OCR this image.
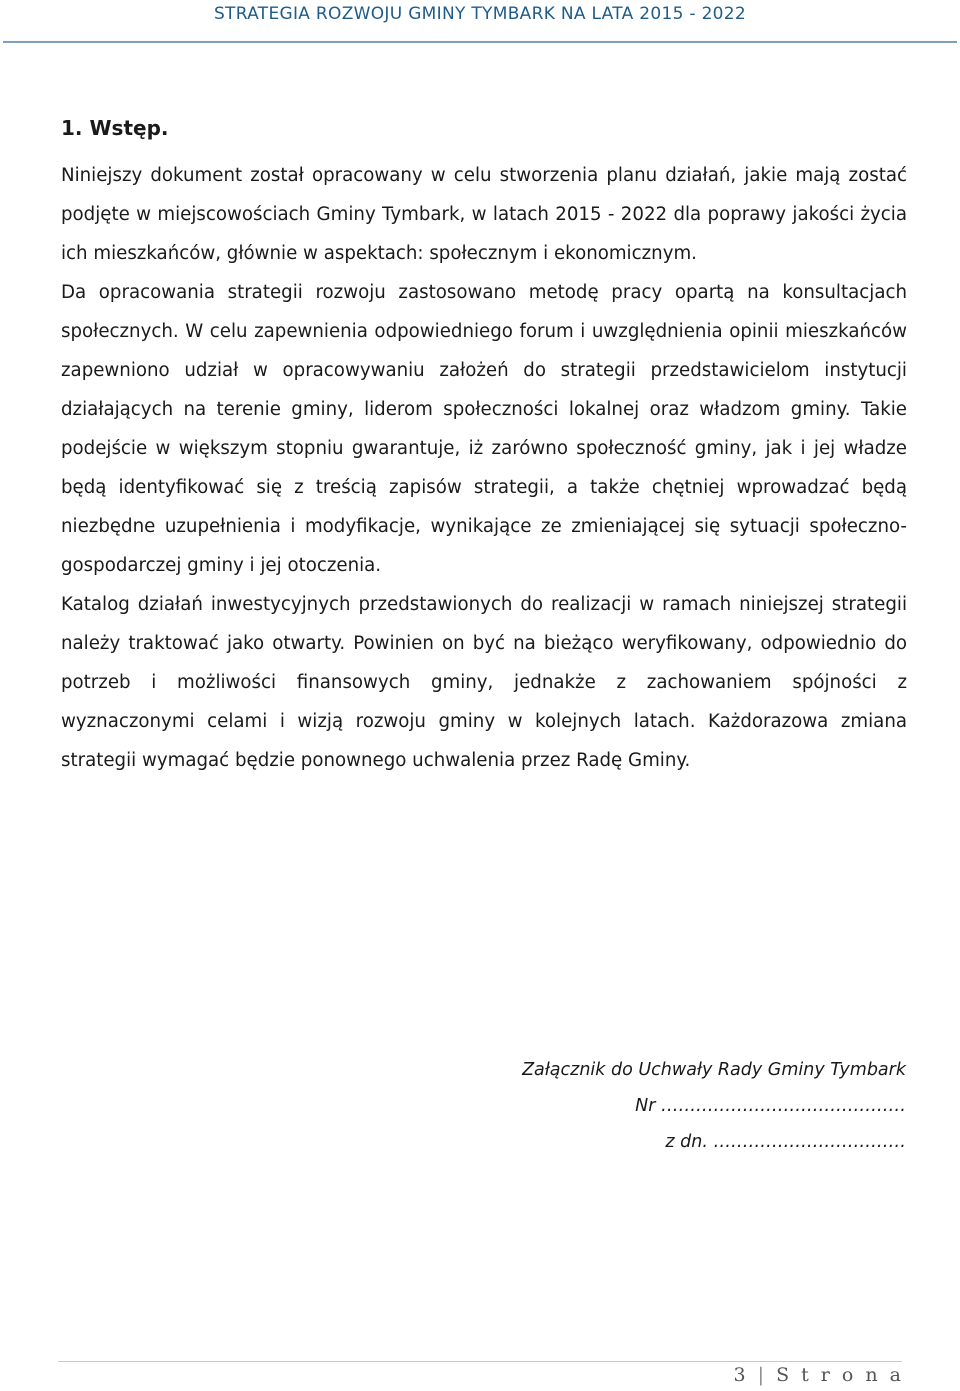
STRATEGIA ROZWOJU GMINY TYMBARK NA LATA 2015 - 2022
1. Wstęp.

Niniejszy dokument został opracowany w celu stworzenia planu działań, jakie mają zostać podjęte w miejscowościach Gminy Tymbark, w latach 2015 - 2022 dla poprawy jakości życia ich mieszkańców, głównie w aspektach: społecznym i ekonomicznym.

Da opracowania strategii rozwoju zastosowano metodę pracy opartą na konsultacjach społecznych. W celu zapewnienia odpowiedniego forum i uwzględnienia opinii mieszkańców zapewniono udział w opracowywaniu założeń do strategii przedstawicielom instytucji działających na terenie gminy, liderom społeczności lokalnej oraz władzom gminy. Takie podejście w większym stopniu gwarantuje, iż zarówno społeczność gminy, jak i jej władze będą identyfikować się z treścią zapisów strategii, a także chętniej wprowadzać będą niezbędne uzupełnienia i modyfikacje, wynikające ze zmieniającej się sytuacji społeczno-gospodarczej gminy i jej otoczenia.

Katalog działań inwestycyjnych przedstawionych do realizacji w ramach niniejszej strategii należy traktować jako otwarty. Powinien on być na bieżąco weryfikowany, odpowiednio do potrzeb i możliwości finansowych gminy, jednakże z zachowaniem spójności z wyznaczonymi celami i wizją rozwoju gminy w kolejnych latach. Każdorazowa zmiana strategii wymagać będzie ponownego uchwalenia przez Radę Gminy.

Załącznik do Uchwały Rady Gminy Tymbark
Nr ……………………………………
z dn. ……………………………
3 | S t r o n a
